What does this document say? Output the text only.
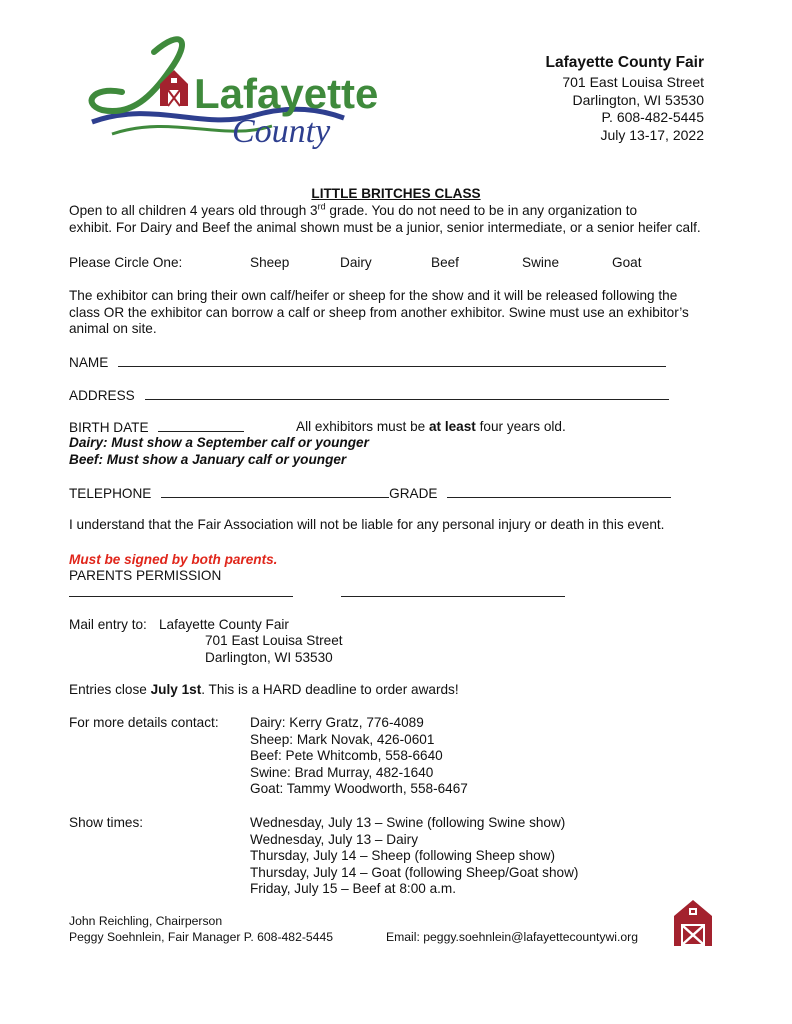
Lafayette
County
Lafayette County Fair
701 East Louisa Street
Darlington, WI 53530
P. 608-482-5445
July 13-17, 2022
LITTLE BRITCHES CLASS
Open to all children 4 years old through 3rd grade. You do not need to be in any organization to
exhibit. For Dairy and Beef the animal shown must be a junior, senior intermediate, or a senior heifer calf.
Please Circle One:	Sheep	Dairy	Beef	Swine	Goat
The exhibitor can bring their own calf/heifer or sheep for the show and it will be released following the
class OR the exhibitor can borrow a calf or sheep from another exhibitor. Swine must use an exhibitor’s
animal on site.
NAME
ADDRESS
BIRTH DATE	All exhibitors must be at least four years old.
Dairy: Must show a September calf or younger
Beef: Must show a January calf or younger
TELEPHONE	GRADE
I understand that the Fair Association will not be liable for any personal injury or death in this event.
Must be signed by both parents.
PARENTS PERMISSION

Mail entry to: Lafayette County Fair
701 East Louisa Street
Darlington, WI 53530
Entries close July 1st. This is a HARD deadline to order awards!
For more details contact: Dairy: Kerry Gratz, 776-4089
Sheep: Mark Novak, 426-0601
Beef: Pete Whitcomb, 558-6640
Swine: Brad Murray, 482-1640
Goat: Tammy Woodworth, 558-6467
Show times:	Wednesday, July 13 – Swine (following Swine show)
Wednesday, July 13 – Dairy
Thursday, July 14 – Sheep (following Sheep show)
Thursday, July 14 – Goat (following Sheep/Goat show)
Friday, July 15 – Beef at 8:00 a.m.
John Reichling, Chairperson
Peggy Soehnlein, Fair Manager P. 608-482-5445	Email: peggy.soehnlein@lafayettecountywi.org
